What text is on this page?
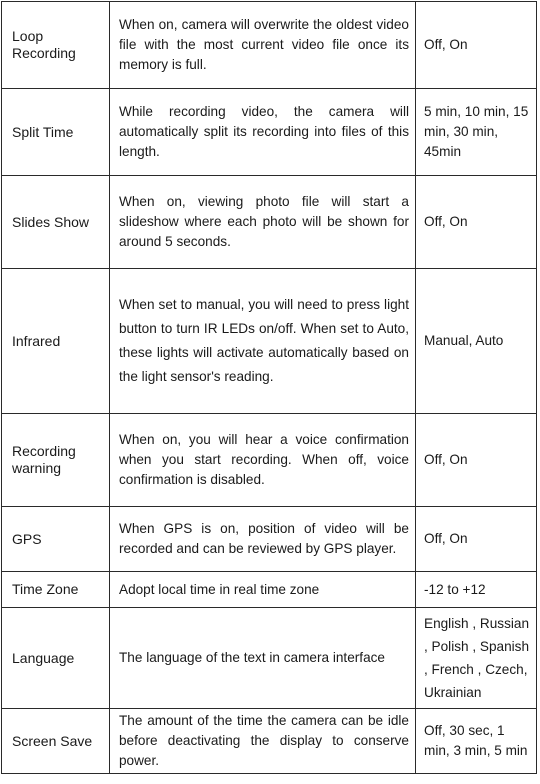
Loop Recording	When on, camera will overwrite the oldest video file with the most current video file once its memory is full.	Off, On
Split Time	While recording video, the camera will automatically split its recording into files of this length.	5 min, 10 min, 15 min, 30 min, 45min
Slides Show	When on, viewing photo file will start a slideshow where each photo will be shown for around 5 seconds.	Off, On
Infrared	When set to manual, you will need to press light button to turn IR LEDs on/off. When set to Auto, these lights will activate automatically based on the light sensor's reading.	Manual, Auto
Recording warning	When on, you will hear a voice confirmation when you start recording. When off, voice confirmation is disabled.	Off, On
GPS	When GPS is on, position of video will be recorded and can be reviewed by GPS player.	Off, On
Time Zone	Adopt local time in real time zone	-12 to +12
Language	The language of the text in camera interface	English , Russian , Polish , Spanish , French , Czech, Ukrainian
Screen Save	The amount of the time the camera can be idle before deactivating the display to conserve power.	Off, 30 sec, 1 min, 3 min, 5 min
